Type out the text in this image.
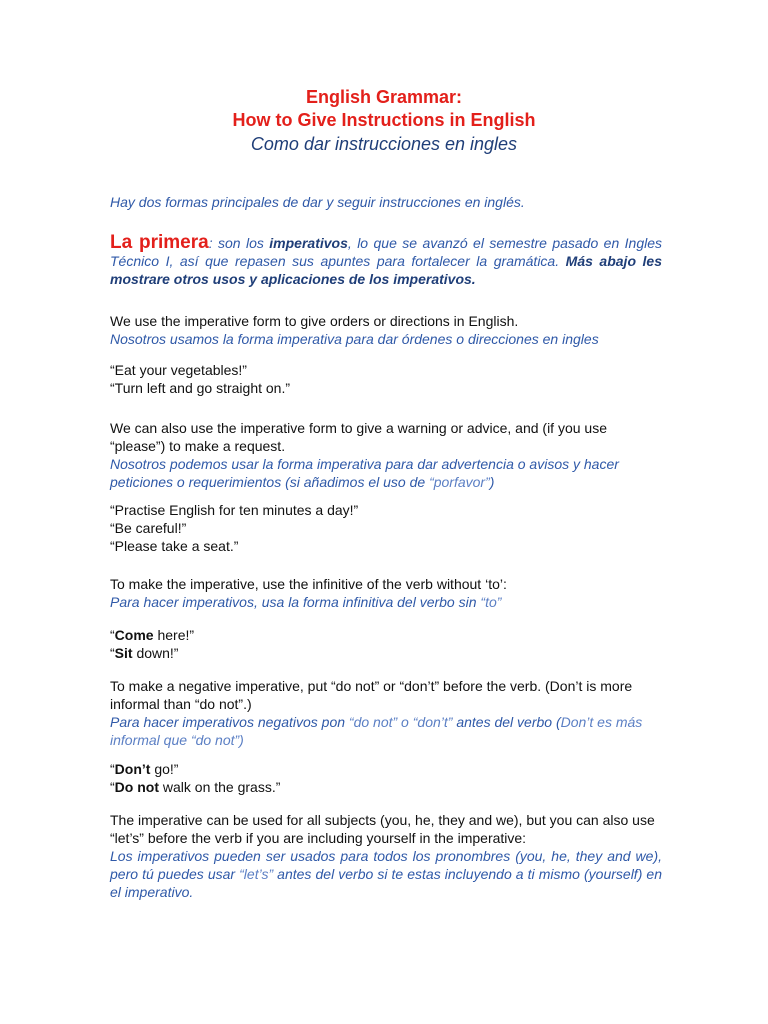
English Grammar:
How to Give Instructions in English
Como dar instrucciones en ingles

Hay dos formas principales de dar y seguir instrucciones en inglés.

La primera: son los imperativos, lo que se avanzó el semestre pasado en Ingles Técnico I, así que repasen sus apuntes para fortalecer la gramática. Más abajo les mostrare otros usos y aplicaciones de los imperativos.

We use the imperative form to give orders or directions in English.

Nosotros usamos la forma imperativa para dar órdenes o direcciones en ingles

“Eat your vegetables!”

“Turn left and go straight on.”

We can also use the imperative form to give a warning or advice, and (if you use “please”) to make a request.

Nosotros podemos usar la forma imperativa para dar advertencia o avisos y hacer peticiones o requerimientos (si añadimos el uso de “porfavor”)

“Practise English for ten minutes a day!”

“Be careful!”

“Please take a seat.”

To make the imperative, use the infinitive of the verb without ‘to’:

Para hacer imperativos, usa la forma infinitiva del verbo sin “to”

“Come here!”

“Sit down!”

To make a negative imperative, put “do not” or “don’t” before the verb. (Don’t is more informal than “do not”.)

Para hacer imperativos negativos pon “do not” o “don’t” antes del verbo (Don’t es más informal que “do not”)

“Don’t go!”

“Do not walk on the grass.”

The imperative can be used for all subjects (you, he, they and we), but you can also use “let’s” before the verb if you are including yourself in the imperative:

Los imperativos pueden ser usados para todos los pronombres (you, he, they and we), pero tú puedes usar “let’s” antes del verbo si te estas incluyendo a ti mismo (yourself) en el imperativo.
